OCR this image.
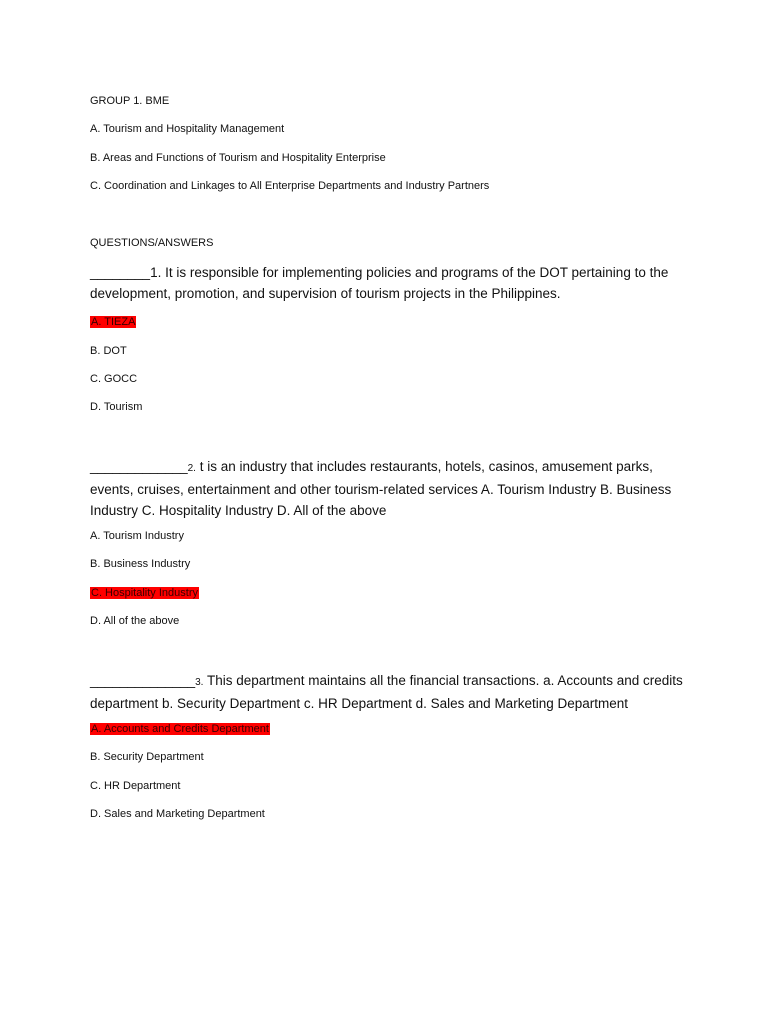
GROUP 1. BME
A. Tourism and Hospitality Management
B. Areas and Functions of Tourism and Hospitality Enterprise
C. Coordination and Linkages to All Enterprise Departments and Industry Partners
QUESTIONS/ANSWERS
________1. It is responsible for implementing policies and programs of the DOT pertaining to the development, promotion, and supervision of tourism projects in the Philippines.
A. TIEZA
B. DOT
C. GOCC
D. Tourism
_____________2. t is an industry that includes restaurants, hotels, casinos, amusement parks, events, cruises, entertainment and other tourism-related services A. Tourism Industry B. Business Industry C. Hospitality Industry D. All of the above
A. Tourism Industry
B. Business Industry
C. Hospitality Industry
D. All of the above
______________3. This department maintains all the financial transactions. a. Accounts and credits department b. Security Department c. HR Department d. Sales and Marketing Department
A. Accounts and Credits Department
B. Security Department
C. HR Department
D. Sales and Marketing Department
